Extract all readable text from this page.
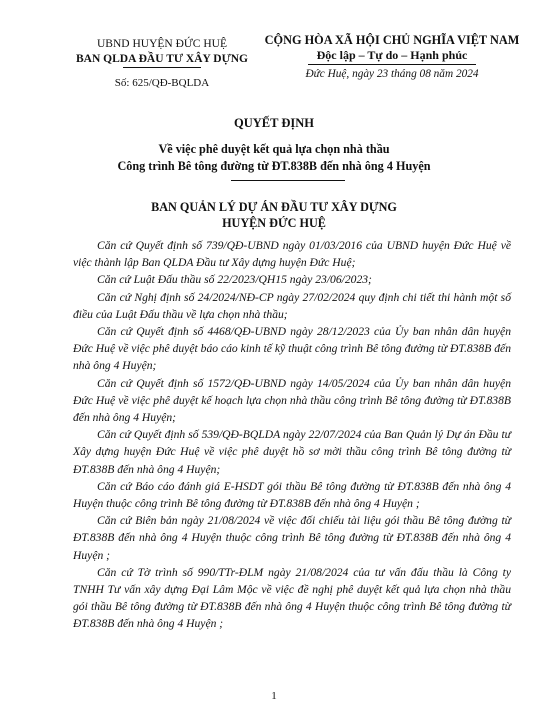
UBND HUYỆN ĐỨC HUỆ
BAN QLDA ĐẦU TƯ XÂY DỰNG
Số: 625/QĐ-BQLDA
CỘNG HÒA XÃ HỘI CHỦ NGHĨA VIỆT NAM
Độc lập – Tự do – Hạnh phúc
Đức Huệ, ngày 23 tháng 08 năm 2024
QUYẾT ĐỊNH
Về việc phê duyệt kết quả lựa chọn nhà thầu
Công trình Bê tông đường từ ĐT.838B đến nhà ông 4 Huyện
BAN QUẢN LÝ DỰ ÁN ĐẦU TƯ XÂY DỰNG
HUYỆN ĐỨC HUỆ

Căn cứ Quyết định số 739/QĐ-UBND ngày 01/03/2016 của UBND huyện Đức Huệ về việc thành lập Ban QLDA Đầu tư Xây dựng huyện Đức Huệ;

Căn cứ Luật Đấu thầu số 22/2023/QH15 ngày 23/06/2023;

Căn cứ Nghị định số 24/2024/NĐ-CP ngày 27/02/2024 quy định chi tiết thi hành một số điều của Luật Đấu thầu về lựa chọn nhà thầu;

Căn cứ Quyết định số 4468/QĐ-UBND ngày 28/12/2023 của Ủy ban nhân dân huyện Đức Huệ về việc phê duyệt báo cáo kinh tế kỹ thuật công trình Bê tông đường từ ĐT.838B đến nhà ông 4 Huyện;

Căn cứ Quyết định số 1572/QĐ-UBND ngày 14/05/2024 của Ủy ban nhân dân huyện Đức Huệ về việc phê duyệt kế hoạch lựa chọn nhà thầu công trình Bê tông đường từ ĐT.838B đến nhà ông 4 Huyện;

Căn cứ Quyết định số 539/QĐ-BQLDA ngày 22/07/2024 của Ban Quản lý Dự án Đầu tư Xây dựng huyện Đức Huệ về việc phê duyệt hồ sơ mời thầu công trình Bê tông đường từ ĐT.838B đến nhà ông 4 Huyện;

Căn cứ Báo cáo đánh giá E-HSDT gói thầu Bê tông đường từ ĐT.838B đến nhà ông 4 Huyện thuộc công trình Bê tông đường từ ĐT.838B đến nhà ông 4 Huyện ;

Căn cứ Biên bản ngày 21/08/2024 về việc đối chiếu tài liệu gói thầu Bê tông đường từ ĐT.838B đến nhà ông 4 Huyện thuộc công trình Bê tông đường từ ĐT.838B đến nhà ông 4 Huyện ;

Căn cứ Tờ trình số 990/TTr-ĐLM ngày 21/08/2024 của tư vấn đấu thầu là Công ty TNHH Tư vấn xây dựng Đại Lâm Mộc về việc đề nghị phê duyệt kết quả lựa chọn nhà thầu gói thầu Bê tông đường từ ĐT.838B đến nhà ông 4 Huyện thuộc công trình Bê tông đường từ ĐT.838B đến nhà ông 4 Huyện ;

1
